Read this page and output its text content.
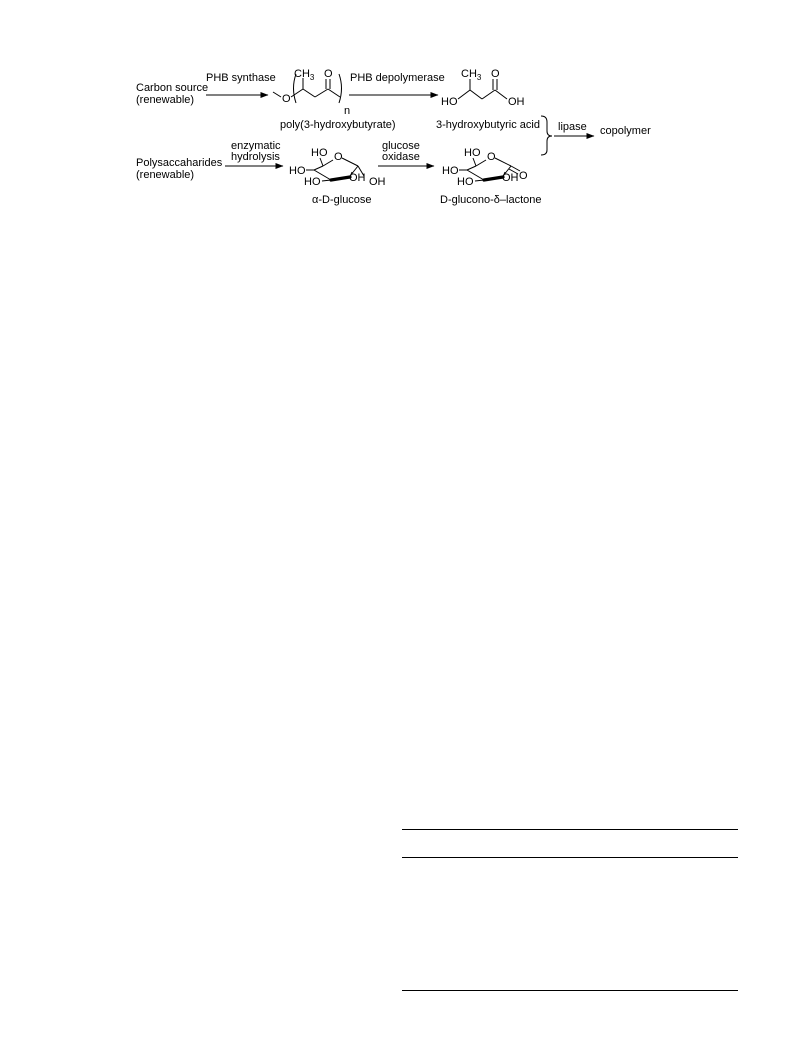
Carbon source
(renewable)
PHB synthase
O
$CH_3$ O
n
poly(3-hydroxybutyrate)
PHB depolymerase
HO
$CH_3$ O
OH
3-hydroxybutyric acid lipase copolymer
Polysaccaharides
(renewable)
enzymatic
hydrolysis	HO O
HO
HO	OH OH
α-D-glucose
glucose
oxidase	HO O
O
HO
HO	OH
D-glucono-δ–lactone
